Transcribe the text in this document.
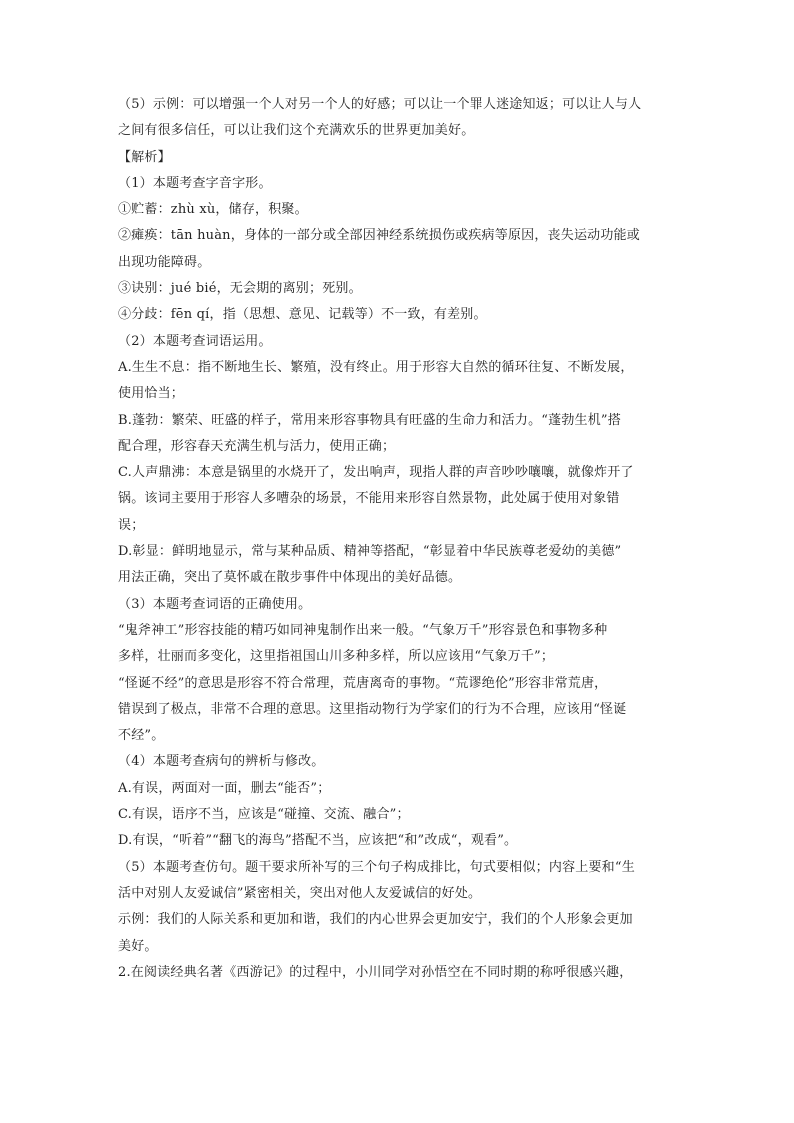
（5）示例：可以增强一个人对另一个人的好感；可以让一个罪人迷途知返；可以让人与人
之间有很多信任，可以让我们这个充满欢乐的世界更加美好。
【解析】
（1）本题考查字音字形。
①贮蓄：zhù xù，储存，积聚。
②瘫痪：tān huàn，身体的一部分或全部因神经系统损伤或疾病等原因，丧失运动功能或
出现功能障碍。
③诀别：jué bié，无会期的离别；死别。
④分歧：fēn qí，指（思想、意见、记载等）不一致，有差别。
（2）本题考查词语运用。
A.生生不息：指不断地生长、繁殖，没有终止。用于形容大自然的循环往复、不断发展，
使用恰当；
B.蓬勃：繁荣、旺盛的样子，常用来形容事物具有旺盛的生命力和活力。“蓬勃生机”搭
配合理，形容春天充满生机与活力，使用正确；
C.人声鼎沸：本意是锅里的水烧开了，发出响声，现指人群的声音吵吵嚷嚷，就像炸开了
锅。该词主要用于形容人多嘈杂的场景，不能用来形容自然景物，此处属于使用对象错
误；
D.彰显：鲜明地显示，常与某种品质、精神等搭配，“彰显着中华民族尊老爱幼的美德”
用法正确，突出了莫怀戚在散步事件中体现出的美好品德。
（3）本题考查词语的正确使用。
“鬼斧神工”形容技能的精巧如同神鬼制作出来一般。“气象万千”形容景色和事物多种
多样，壮丽而多变化，这里指祖国山川多种多样，所以应该用“气象万千”；
“怪诞不经”的意思是形容不符合常理，荒唐离奇的事物。“荒谬绝伦”形容非常荒唐，
错误到了极点，非常不合理的意思。这里指动物行为学家们的行为不合理，应该用“怪诞
不经”。
（4）本题考查病句的辨析与修改。
A.有误，两面对一面，删去“能否”；
C.有误，语序不当，应该是“碰撞、交流、融合”；
D.有误，“听着”“翻飞的海鸟”搭配不当，应该把“和”改成“，观看”。
（5）本题考查仿句。题干要求所补写的三个句子构成排比，句式要相似；内容上要和“生
活中对别人友爱诚信”紧密相关，突出对他人友爱诚信的好处。
示例：我们的人际关系和更加和谐，我们的内心世界会更加安宁，我们的个人形象会更加
美好。
2.在阅读经典名著《西游记》的过程中，小川同学对孙悟空在不同时期的称呼很感兴趣，
